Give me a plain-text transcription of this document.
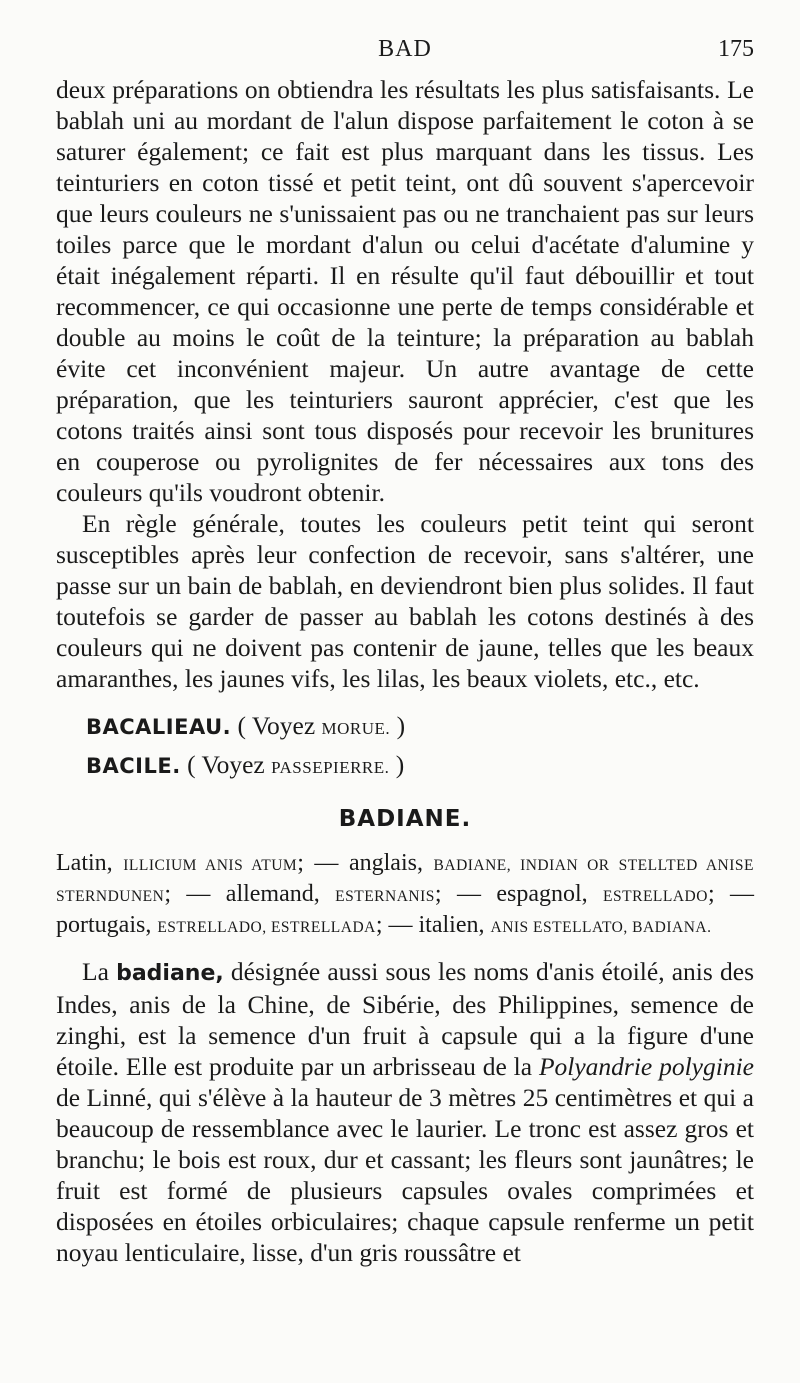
BAD	175

deux préparations on obtiendra les résultats les plus satisfaisants. Le bablah uni au mordant de l'alun dispose parfaitement le coton à se saturer également; ce fait est plus marquant dans les tissus. Les teinturiers en coton tissé et petit teint, ont dû souvent s'apercevoir que leurs couleurs ne s'unissaient pas ou ne tranchaient pas sur leurs toiles parce que le mordant d'alun ou celui d'acétate d'alumine y était inégalement réparti. Il en résulte qu'il faut débouillir et tout recommencer, ce qui occasionne une perte de temps considérable et double au moins le coût de la teinture; la préparation au bablah évite cet inconvénient majeur. Un autre avantage de cette préparation, que les teinturiers sauront apprécier, c'est que les cotons traités ainsi sont tous disposés pour recevoir les brunitures en couperose ou pyrolignites de fer nécessaires aux tons des couleurs qu'ils voudront obtenir.

En règle générale, toutes les couleurs petit teint qui seront susceptibles après leur confection de recevoir, sans s'altérer, une passe sur un bain de bablah, en deviendront bien plus solides. Il faut toutefois se garder de passer au bablah les cotons destinés à des couleurs qui ne doivent pas contenir de jaune, telles que les beaux amaranthes, les jaunes vifs, les lilas, les beaux violets, etc., etc.

BACALIEAU. ( Voyez MORUE. )

BACILE. ( Voyez PASSEPIERRE. )

BADIANE.

Latin, ILLICIUM ANIS ATUM; — anglais, BADIANE, INDIAN OR STELLTED ANISE STERNDUNEN; — allemand, ESTERNANIS; — espagnol, ESTRELLADO; — portugais, ESTRELLADO, ESTRELLADA; — italien, ANIS ESTELLATO, BADIANA.

La badiane, désignée aussi sous les noms d'anis étoilé, anis des Indes, anis de la Chine, de Sibérie, des Philippines, semence de zinghi, est la semence d'un fruit à capsule qui a la figure d'une étoile. Elle est produite par un arbrisseau de la Polyandrie polyginie de Linné, qui s'élève à la hauteur de 3 mètres 25 centimètres et qui a beaucoup de ressemblance avec le laurier. Le tronc est assez gros et branchu; le bois est roux, dur et cassant; les fleurs sont jaunâtres; le fruit est formé de plusieurs capsules ovales comprimées et disposées en étoiles orbiculaires; chaque capsule renferme un petit noyau lenticulaire, lisse, d'un gris roussâtre et
